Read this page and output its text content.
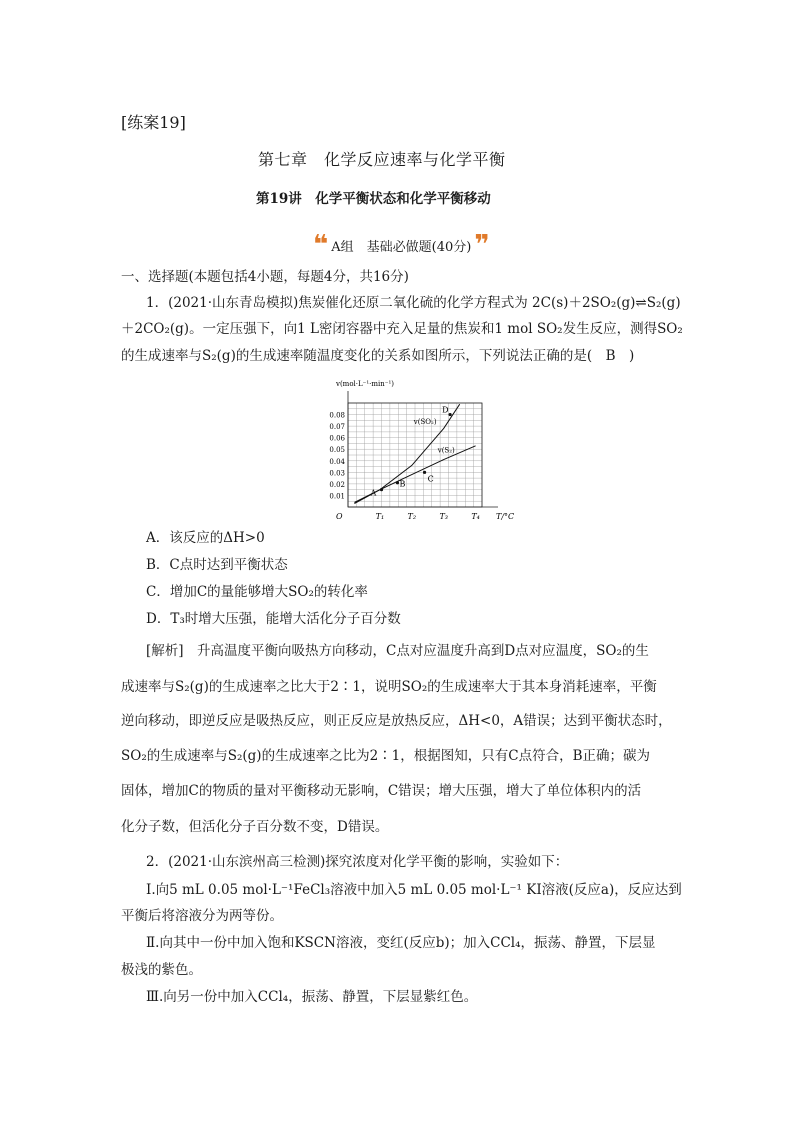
[练案19]
第七章　化学反应速率与化学平衡
第19讲　化学平衡状态和化学平衡移动
❝ A组　基础必做题(40分) ❞
一、选择题(本题包括4小题，每题4分，共16分)
1．(2021·山东青岛模拟)焦炭催化还原二氧化硫的化学方程式为 2C(s)＋2SO₂(g)⇌S₂(g)
＋2CO₂(g)。一定压强下，向1 L密闭容器中充入足量的焦炭和1 mol SO₂发生反应，测得SO₂
的生成速率与S₂(g)的生成速率随温度变化的关系如图所示，下列说法正确的是(　B　)
v(mol·L⁻¹·min⁻¹)
T/°C
O
0.01
0.02
0.03
0.04
0.05
0.06
0.07
0.08
T₁	T₂	T₃	T₄
v(SO₂)
v(S₂)
A
B
C
D
A．该反应的ΔH>0
B．C点时达到平衡状态
C．增加C的量能够增大SO₂的转化率
D．T₃时增大压强，能增大活化分子百分数
[解析]　升高温度平衡向吸热方向移动，C点对应温度升高到D点对应温度，SO₂的生
成速率与S₂(g)的生成速率之比大于2∶1，说明SO₂的生成速率大于其本身消耗速率，平衡
逆向移动，即逆反应是吸热反应，则正反应是放热反应，ΔH<0，A错误；达到平衡状态时，
SO₂的生成速率与S₂(g)的生成速率之比为2∶1，根据图知，只有C点符合，B正确；碳为
固体，增加C的物质的量对平衡移动无影响，C错误；增大压强，增大了单位体积内的活
化分子数，但活化分子百分数不变，D错误。
2．(2021·山东滨州高三检测)探究浓度对化学平衡的影响，实验如下：
Ⅰ.向5 mL 0.05 mol·L⁻¹FeCl₃溶液中加入5 mL 0.05 mol·L⁻¹ KI溶液(反应a)，反应达到
平衡后将溶液分为两等份。
Ⅱ.向其中一份中加入饱和KSCN溶液，变红(反应b)；加入CCl₄，振荡、静置，下层显
极浅的紫色。
Ⅲ.向另一份中加入CCl₄，振荡、静置，下层显紫红色。
